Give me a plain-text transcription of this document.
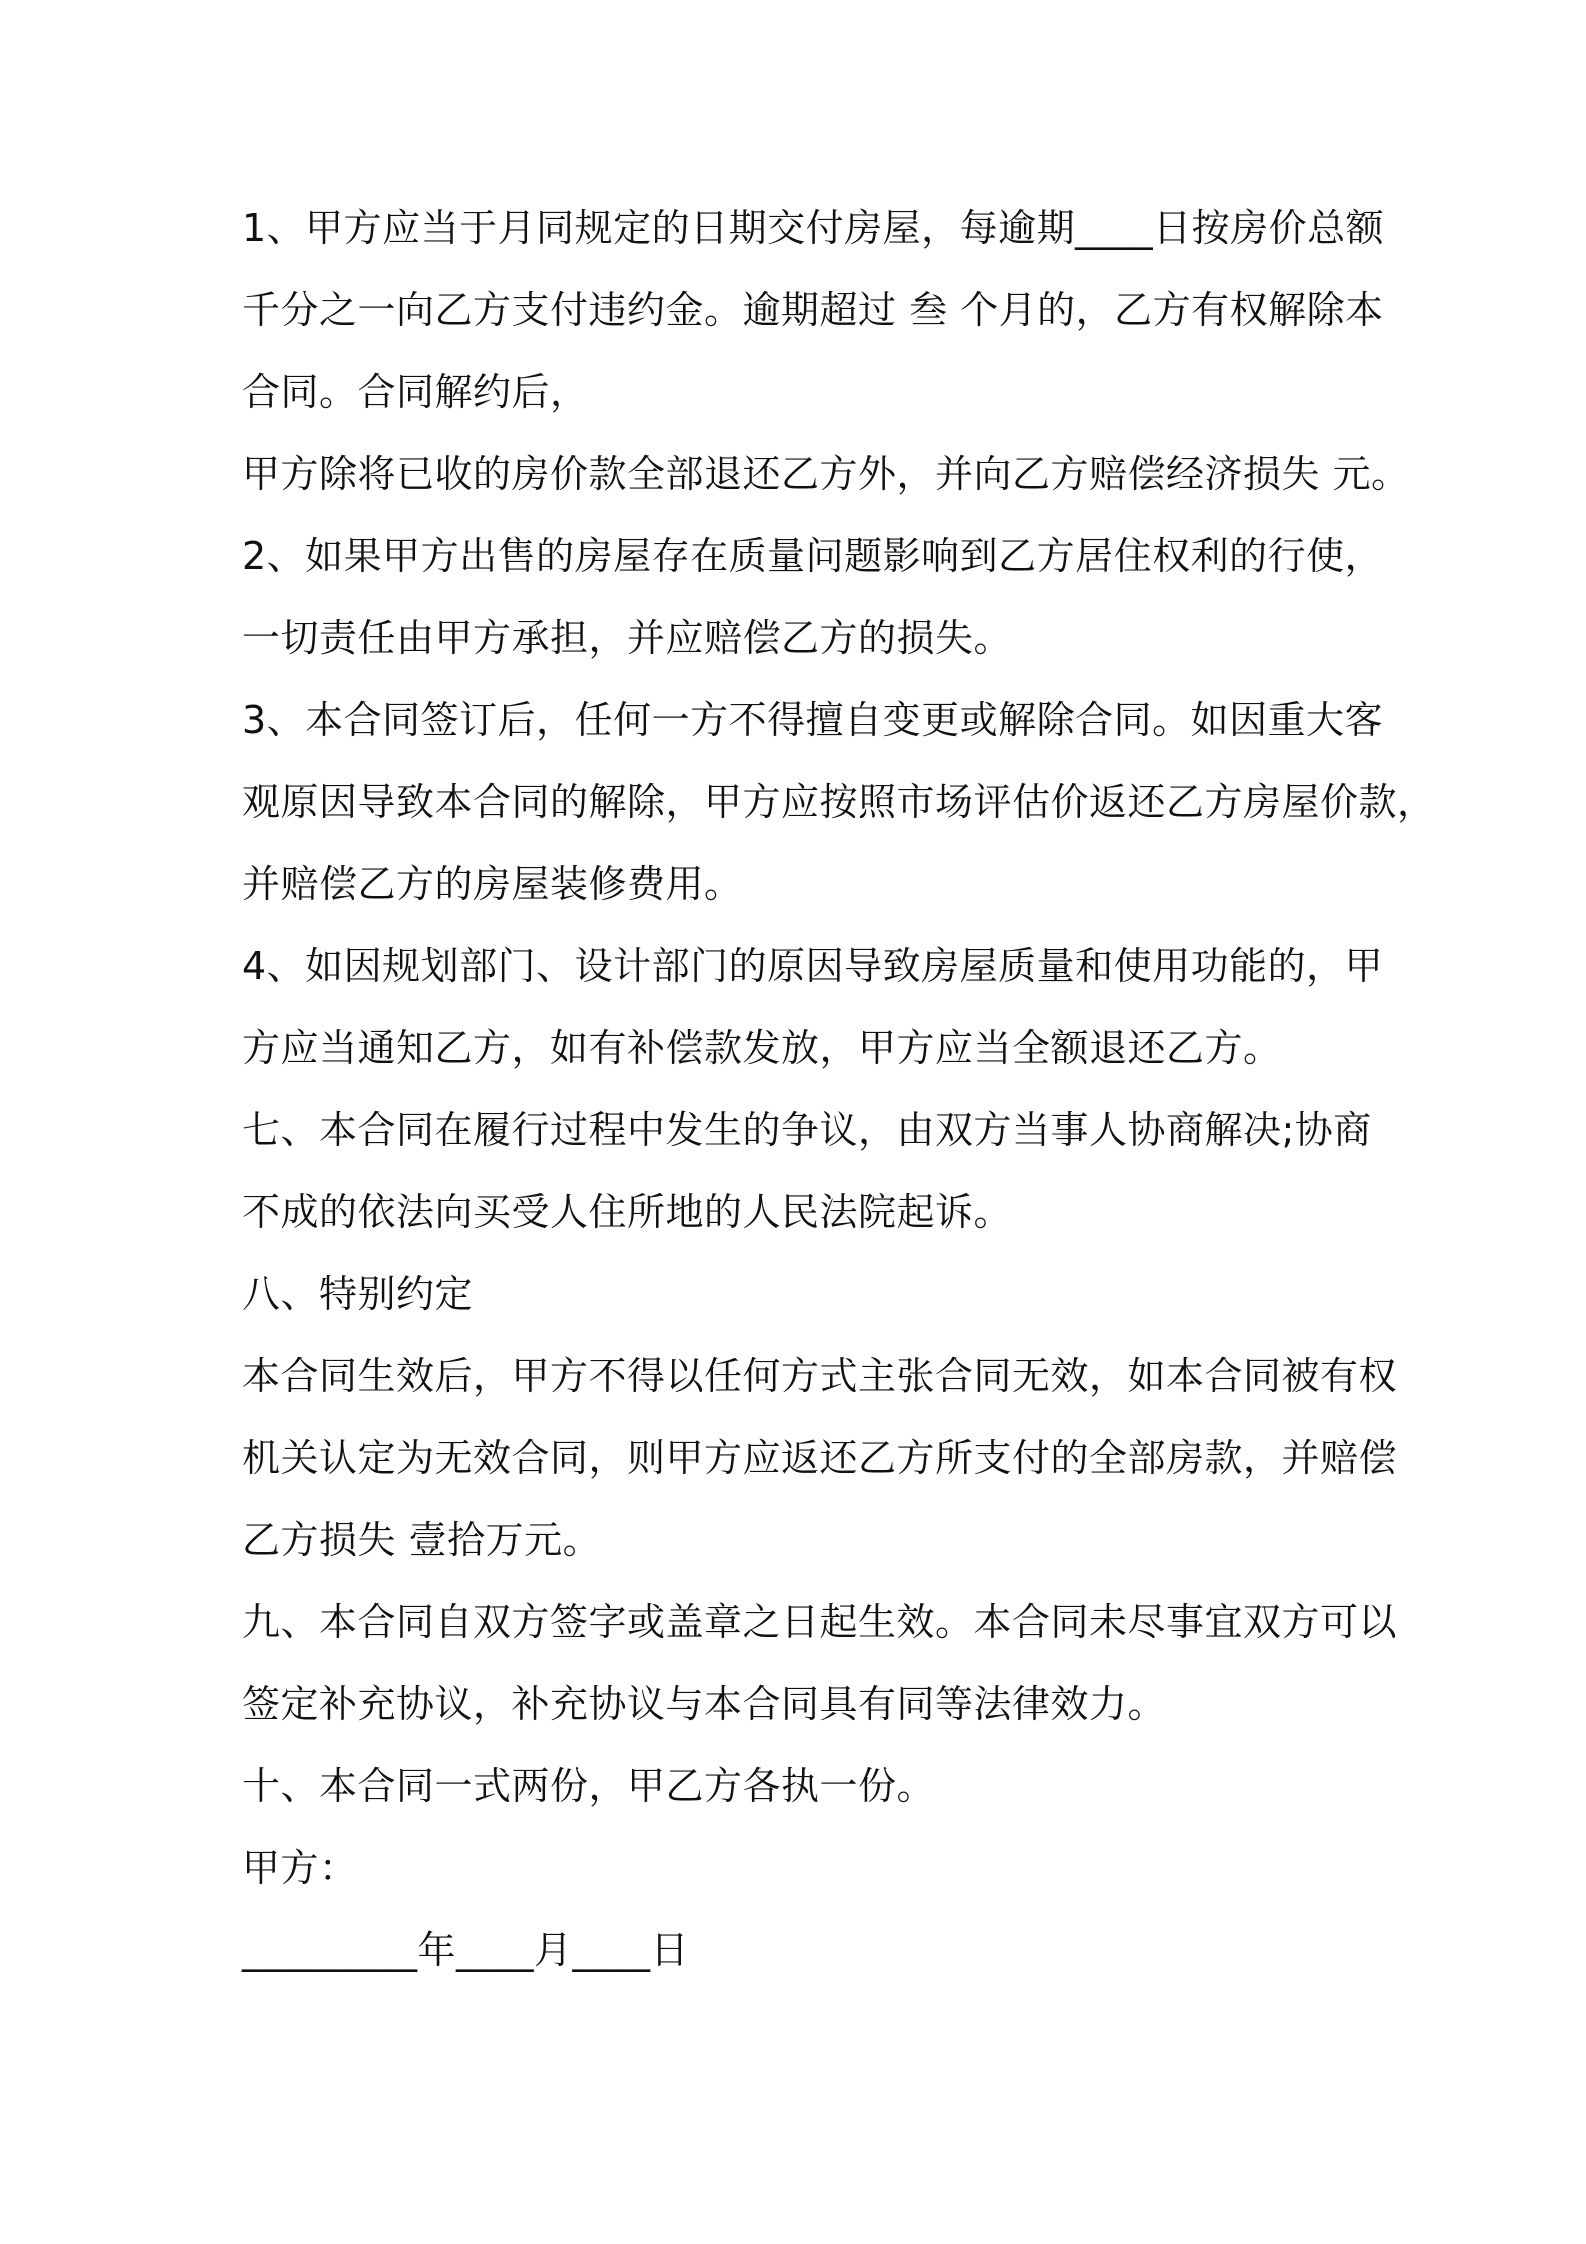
1、甲方应当于月同规定的日期交付房屋，每逾期____日按房价总额
千分之一向乙方支付违约金。逾期超过 叁 个月的，乙方有权解除本
合同。合同解约后，
甲方除将已收的房价款全部退还乙方外，并向乙方赔偿经济损失 元。
2、如果甲方出售的房屋存在质量问题影响到乙方居住权利的行使，
一切责任由甲方承担，并应赔偿乙方的损失。
3、本合同签订后，任何一方不得擅自变更或解除合同。如因重大客
观原因导致本合同的解除，甲方应按照市场评估价返还乙方房屋价款，
并赔偿乙方的房屋装修费用。
4、如因规划部门、设计部门的原因导致房屋质量和使用功能的，甲
方应当通知乙方，如有补偿款发放，甲方应当全额退还乙方。
七、本合同在履行过程中发生的争议，由双方当事人协商解决;协商
不成的依法向买受人住所地的人民法院起诉。
八、特别约定
本合同生效后，甲方不得以任何方式主张合同无效，如本合同被有权
机关认定为无效合同，则甲方应返还乙方所支付的全部房款，并赔偿
乙方损失 壹拾万元。
九、本合同自双方签字或盖章之日起生效。本合同未尽事宜双方可以
签定补充协议，补充协议与本合同具有同等法律效力。
十、本合同一式两份，甲乙方各执一份。
甲方：
_________年____月____日
